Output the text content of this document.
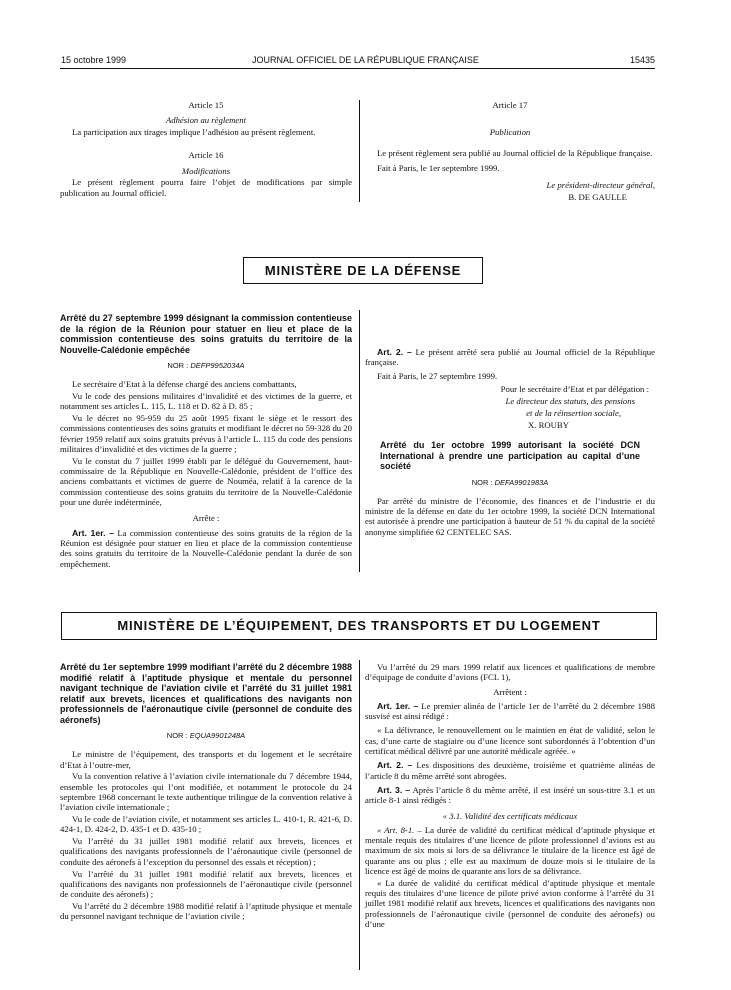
15 octobre 1999	JOURNAL OFFICIEL DE LA RÉPUBLIQUE FRANÇAISE	15435

Article 15

Adhésion au règlement

La participation aux tirages implique l’adhésion au présent règlement.

Article 16

Modifications

Le présent règlement pourra faire l’objet de modifications par simple publication au Journal officiel.

Article 17

Publication

Le présent règlement sera publié au Journal officiel de la République française.

Fait à Paris, le 1er septembre 1999.

Le président-directeur général,

B. DE GAULLE

MINISTÈRE DE LA DÉFENSE
Arrêté du 27 septembre 1999 désignant la commission contentieuse de la région de la Réunion pour statuer en lieu et place de la commission contentieuse des soins gratuits du territoire de la Nouvelle-Calédonie empêchée
NOR : DEFP9952034A

Le secrétaire d’Etat à la défense chargé des anciens combattants,

Vu le code des pensions militaires d’invalidité et des victimes de la guerre, et notamment ses articles L. 115, L. 118 et D. 82 à D. 85 ;

Vu le décret no 95-959 du 25 août 1995 fixant le siège et le ressort des commissions contentieuses des soins gratuits et modifiant le décret no 59-328 du 20 février 1959 relatif aux soins gratuits prévus à l’article L. 115 du code des pensions militaires d’invalidité et des victimes de la guerre ;

Vu le constat du 7 juillet 1999 établi par le délégué du Gouvernement, haut-commissaire de la République en Nouvelle-Calédonie, président de l’office des anciens combattants et victimes de guerre de Nouméa, relatif à la carence de la commission contentieuse des soins gratuits du territoire de la Nouvelle-Calédonie pour une durée indéterminée,

Arrête :

Art. 1er. – La commission contentieuse des soins gratuits de la région de la Réunion est désignée pour statuer en lieu et place de la commission contentieuse des soins gratuits du territoire de la Nouvelle-Calédonie pendant la durée de son empêchement.

Art. 2. – Le présent arrêté sera publié au Journal officiel de la République française.

Fait à Paris, le 27 septembre 1999.

Pour le secrétaire d’Etat et par délégation :

Le directeur des statuts, des pensions

et de la réinsertion sociale,

X. ROUBY

Arrêté du 1er octobre 1999 autorisant la société DCN International à prendre une participation au capital d’une société
NOR : DEFA9901983A

Par arrêté du ministre de l’économie, des finances et de l’industrie et du ministre de la défense en date du 1er octobre 1999, la société DCN International est autorisée à prendre une participation à hauteur de 51 % du capital de la société anonyme simplifiée 62 CENTELEC SAS.

MINISTÈRE DE L’ÉQUIPEMENT, DES TRANSPORTS ET DU LOGEMENT
Arrêté du 1er septembre 1999 modifiant l’arrêté du 2 décembre 1988 modifié relatif à l’aptitude physique et mentale du personnel navigant technique de l’aviation civile et l’arrêté du 31 juillet 1981 relatif aux brevets, licences et qualifications des navigants non professionnels de l’aéronautique civile (personnel de conduite des aéronefs)
NOR : EQUA9901248A

Le ministre de l’équipement, des transports et du logement et le secrétaire d’Etat à l’outre-mer,

Vu la convention relative à l’aviation civile internationale du 7 décembre 1944, ensemble les protocoles qui l’ont modifiée, et notamment le protocole du 24 septembre 1968 concernant le texte authentique trilingue de la convention relative à l’aviation civile internationale ;

Vu le code de l’aviation civile, et notamment ses articles L. 410-1, R. 421-6, D. 424-1, D. 424-2, D. 435-1 et D. 435-10 ;

Vu l’arrêté du 31 juillet 1981 modifié relatif aux brevets, licences et qualifications des navigants professionnels de l’aéronautique civile (personnel de conduite des aéronefs à l’exception du personnel des essais et réception) ;

Vu l’arrêté du 31 juillet 1981 modifié relatif aux brevets, licences et qualifications des navigants non professionnels de l’aéronautique civile (personnel de conduite des aéronefs) ;

Vu l’arrêté du 2 décembre 1988 modifié relatif à l’aptitude physique et mentale du personnel navigant technique de l’aviation civile ;

Vu l’arrêté du 29 mars 1999 relatif aux licences et qualifications de membre d’équipage de conduite d’avions (FCL 1),

Arrêtent :

Art. 1er. – Le premier alinéa de l’article 1er de l’arrêté du 2 décembre 1988 susvisé est ainsi rédigé :

« La délivrance, le renouvellement ou le maintien en état de validité, selon le cas, d’une carte de stagiaire ou d’une licence sont subordonnés à l’obtention d’un certificat médical délivré par une autorité médicale agréée. »

Art. 2. – Les dispositions des deuxième, troisième et quatrième alinéas de l’article 8 du même arrêté sont abrogées.

Art. 3. – Après l’article 8 du même arrêté, il est inséré un sous-titre 3.1 et un article 8-1 ainsi rédigés :

« 3.1. Validité des certificats médicaux

« Art. 8-1. – La durée de validité du certificat médical d’aptitude physique et mentale requis des titulaires d’une licence de pilote professionnel d’avions est au maximum de six mois si lors de sa délivrance le titulaire de la licence est âgé de quarante ans ou plus ; elle est au maximum de douze mois si le titulaire de la licence est âgé de moins de quarante ans lors de sa délivrance.

« La durée de validité du certificat médical d’aptitude physique et mentale requis des titulaires d’une licence de pilote privé avion conforme à l’arrêté du 31 juillet 1981 modifié relatif aux brevets, licences et qualifications des navigants non professionnels de l’aéronautique civile (personnel de conduite des aéronefs) ou d’une
